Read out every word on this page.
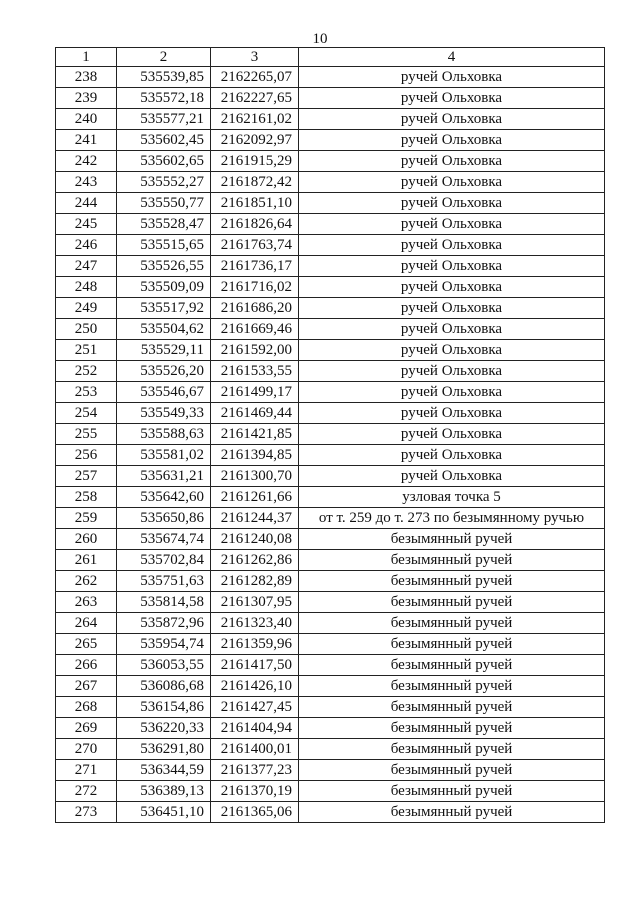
10
1	2	3	4
238	535539,85	2162265,07	ручей Ольховка
239	535572,18	2162227,65	ручей Ольховка
240	535577,21	2162161,02	ручей Ольховка
241	535602,45	2162092,97	ручей Ольховка
242	535602,65	2161915,29	ручей Ольховка
243	535552,27	2161872,42	ручей Ольховка
244	535550,77	2161851,10	ручей Ольховка
245	535528,47	2161826,64	ручей Ольховка
246	535515,65	2161763,74	ручей Ольховка
247	535526,55	2161736,17	ручей Ольховка
248	535509,09	2161716,02	ручей Ольховка
249	535517,92	2161686,20	ручей Ольховка
250	535504,62	2161669,46	ручей Ольховка
251	535529,11	2161592,00	ручей Ольховка
252	535526,20	2161533,55	ручей Ольховка
253	535546,67	2161499,17	ручей Ольховка
254	535549,33	2161469,44	ручей Ольховка
255	535588,63	2161421,85	ручей Ольховка
256	535581,02	2161394,85	ручей Ольховка
257	535631,21	2161300,70	ручей Ольховка
258	535642,60	2161261,66	узловая точка 5
259	535650,86	2161244,37	от т. 259 до т. 273 по безымянному ручью
260	535674,74	2161240,08	безымянный ручей
261	535702,84	2161262,86	безымянный ручей
262	535751,63	2161282,89	безымянный ручей
263	535814,58	2161307,95	безымянный ручей
264	535872,96	2161323,40	безымянный ручей
265	535954,74	2161359,96	безымянный ручей
266	536053,55	2161417,50	безымянный ручей
267	536086,68	2161426,10	безымянный ручей
268	536154,86	2161427,45	безымянный ручей
269	536220,33	2161404,94	безымянный ручей
270	536291,80	2161400,01	безымянный ручей
271	536344,59	2161377,23	безымянный ручей
272	536389,13	2161370,19	безымянный ручей
273	536451,10	2161365,06	безымянный ручей
